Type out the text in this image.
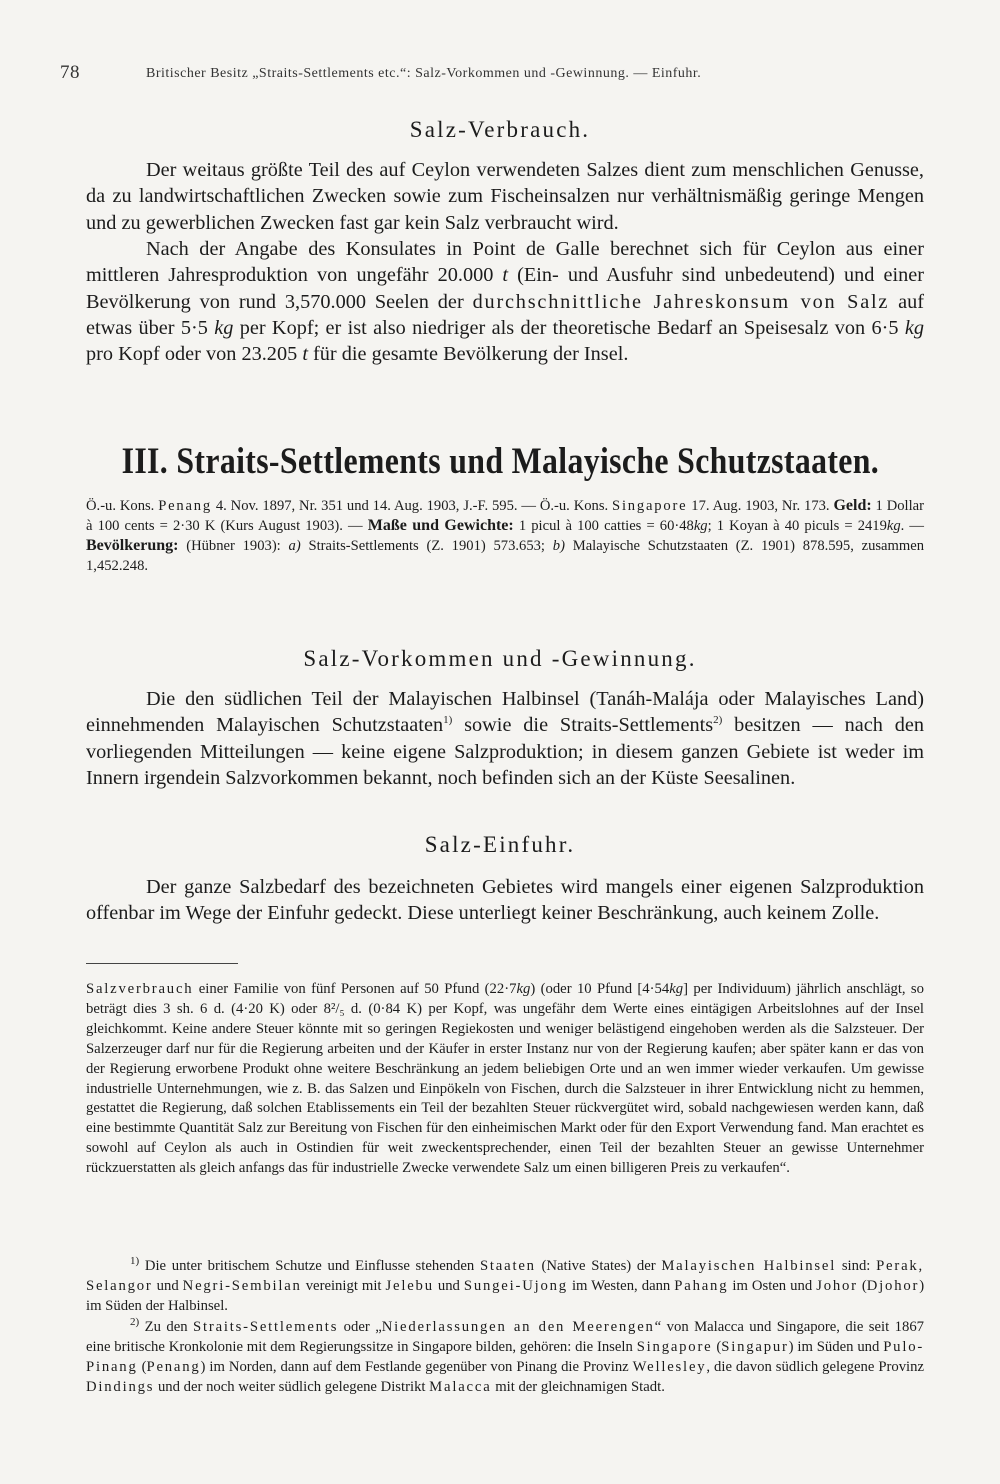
78	Britischer Besitz „Straits-Settlements etc.“: Salz-Vorkommen und -Gewinnung. — Einfuhr.
Salz-Verbrauch.

Der weitaus größte Teil des auf Ceylon verwendeten Salzes dient zum menschlichen Genusse, da zu landwirtschaftlichen Zwecken sowie zum Fischeinsalzen nur verhältnismäßig geringe Mengen und zu gewerblichen Zwecken fast gar kein Salz verbraucht wird.

Nach der Angabe des Konsulates in Point de Galle berechnet sich für Ceylon aus einer mittleren Jahresproduktion von ungefähr 20.000 t (Ein- und Ausfuhr sind unbedeutend) und einer Bevölkerung von rund 3,570.000 Seelen der durchschnittliche Jahreskonsum von Salz auf etwas über 5·5 kg per Kopf; er ist also niedriger als der theoretische Bedarf an Speisesalz von 6·5 kg pro Kopf oder von 23.205 t für die gesamte Bevölkerung der Insel.

III. Straits-Settlements und Malayische Schutzstaaten.
Ö.-u. Kons. Penang 4. Nov. 1897, Nr. 351 und 14. Aug. 1903, J.-F. 595. — Ö.-u. Kons. Singapore 17. Aug. 1903, Nr. 173. Geld: 1 Dollar à 100 cents = 2·30 K (Kurs August 1903). — Maße und Gewichte: 1 picul à 100 catties = 60·48kg; 1 Koyan à 40 piculs = 2419kg. — Bevölkerung: (Hübner 1903): a) Straits-Settlements (Z. 1901) 573.653; b) Malayische Schutzstaaten (Z. 1901) 878.595, zusammen 1,452.248.
Salz-Vorkommen und -Gewinnung.

Die den südlichen Teil der Malayischen Halbinsel (Tanáh-Malája oder Malayisches Land) einnehmenden Malayischen Schutzstaaten$^{1)}$ sowie die Straits-Settlements$^{2)}$ besitzen — nach den vorliegenden Mitteilungen — keine eigene Salzproduktion; in diesem ganzen Gebiete ist weder im Innern irgendein Salzvorkommen bekannt, noch befinden sich an der Küste Seesalinen.

Salz-Einfuhr.

Der ganze Salzbedarf des bezeichneten Gebietes wird mangels einer eigenen Salzproduktion offenbar im Wege der Einfuhr gedeckt. Diese unterliegt keiner Beschränkung, auch keinem Zolle.

Salzverbrauch einer Familie von fünf Personen auf 50 Pfund (22·7kg) (oder 10 Pfund [4·54kg] per Individuum) jährlich anschlägt, so beträgt dies 3 sh. 6 d. (4·20 K) oder 8²/₅ d. (0·84 K) per Kopf, was ungefähr dem Werte eines eintägigen Arbeitslohnes auf der Insel gleichkommt. Keine andere Steuer könnte mit so geringen Regiekosten und weniger belästigend eingehoben werden als die Salzsteuer. Der Salzerzeuger darf nur für die Regierung arbeiten und der Käufer in erster Instanz nur von der Regierung kaufen; aber später kann er das von der Regierung erworbene Produkt ohne weitere Beschränkung an jedem beliebigen Orte und an wen immer wieder verkaufen. Um gewisse industrielle Unternehmungen, wie z. B. das Salzen und Einpökeln von Fischen, durch die Salzsteuer in ihrer Entwicklung nicht zu hemmen, gestattet die Regierung, daß solchen Etablissements ein Teil der bezahlten Steuer rückvergütet wird, sobald nachgewiesen werden kann, daß eine bestimmte Quantität Salz zur Bereitung von Fischen für den einheimischen Markt oder für den Export Verwendung fand. Man erachtet es sowohl auf Ceylon als auch in Ostindien für weit zweckentsprechender, einen Teil der bezahlten Steuer an gewisse Unternehmer rückzuerstatten als gleich anfangs das für industrielle Zwecke verwendete Salz um einen billigeren Preis zu verkaufen“.

$^{1)}$ Die unter britischem Schutze und Einflusse stehenden Staaten (Native States) der Malayischen Halbinsel sind: Perak, Selangor und Negri-Sembilan vereinigt mit Jelebu und Sungei-Ujong im Westen, dann Pahang im Osten und Johor (Djohor) im Süden der Halbinsel.

$^{2)}$ Zu den Straits-Settlements oder „Niederlassungen an den Meerengen“ von Malacca und Singapore, die seit 1867 eine britische Kronkolonie mit dem Regierungssitze in Singapore bilden, gehören: die Inseln Singapore (Singapur) im Süden und Pulo-Pinang (Penang) im Norden, dann auf dem Festlande gegenüber von Pinang die Provinz Wellesley, die davon südlich gelegene Provinz Dindings und der noch weiter südlich gelegene Distrikt Malacca mit der gleichnamigen Stadt.
